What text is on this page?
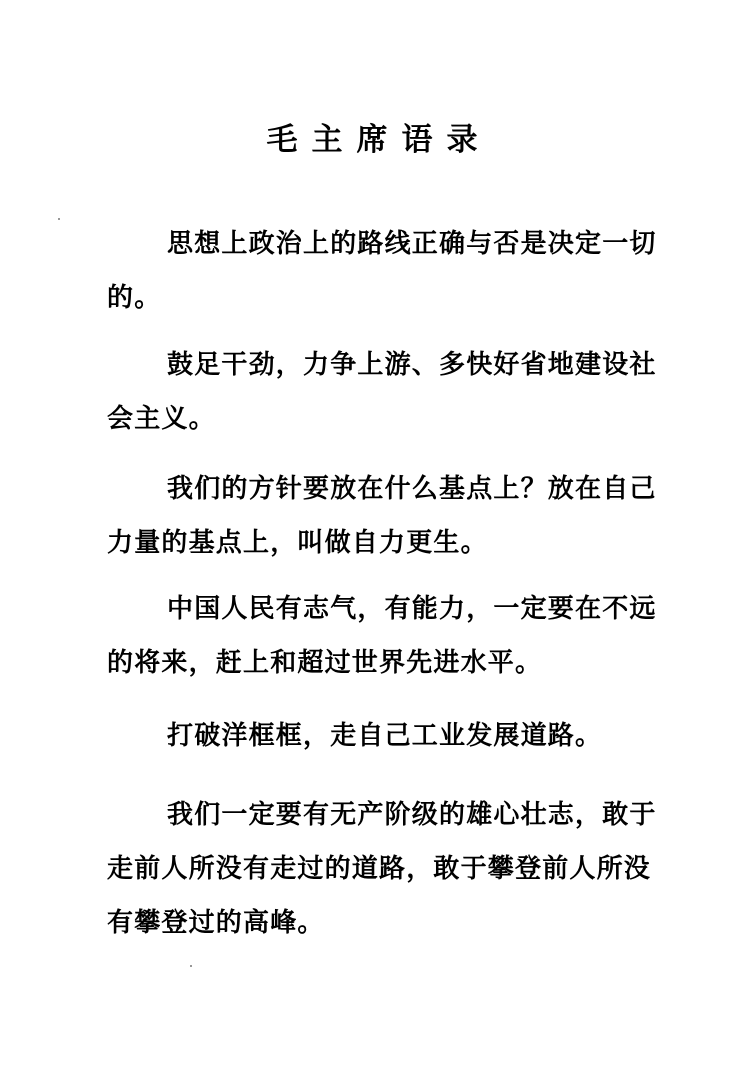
毛主席语录

思想上政治上的路线正确与否是决定一切的。

鼓足干劲，力争上游、多快好省地建设社会主义。

我们的方针要放在什么基点上？放在自己力量的基点上，叫做自力更生。

中国人民有志气，有能力，一定要在不远的将来，赶上和超过世界先进水平。

打破洋框框，走自己工业发展道路。

我们一定要有无产阶级的雄心壮志，敢于走前人所没有走过的道路，敢于攀登前人所没有攀登过的高峰。
